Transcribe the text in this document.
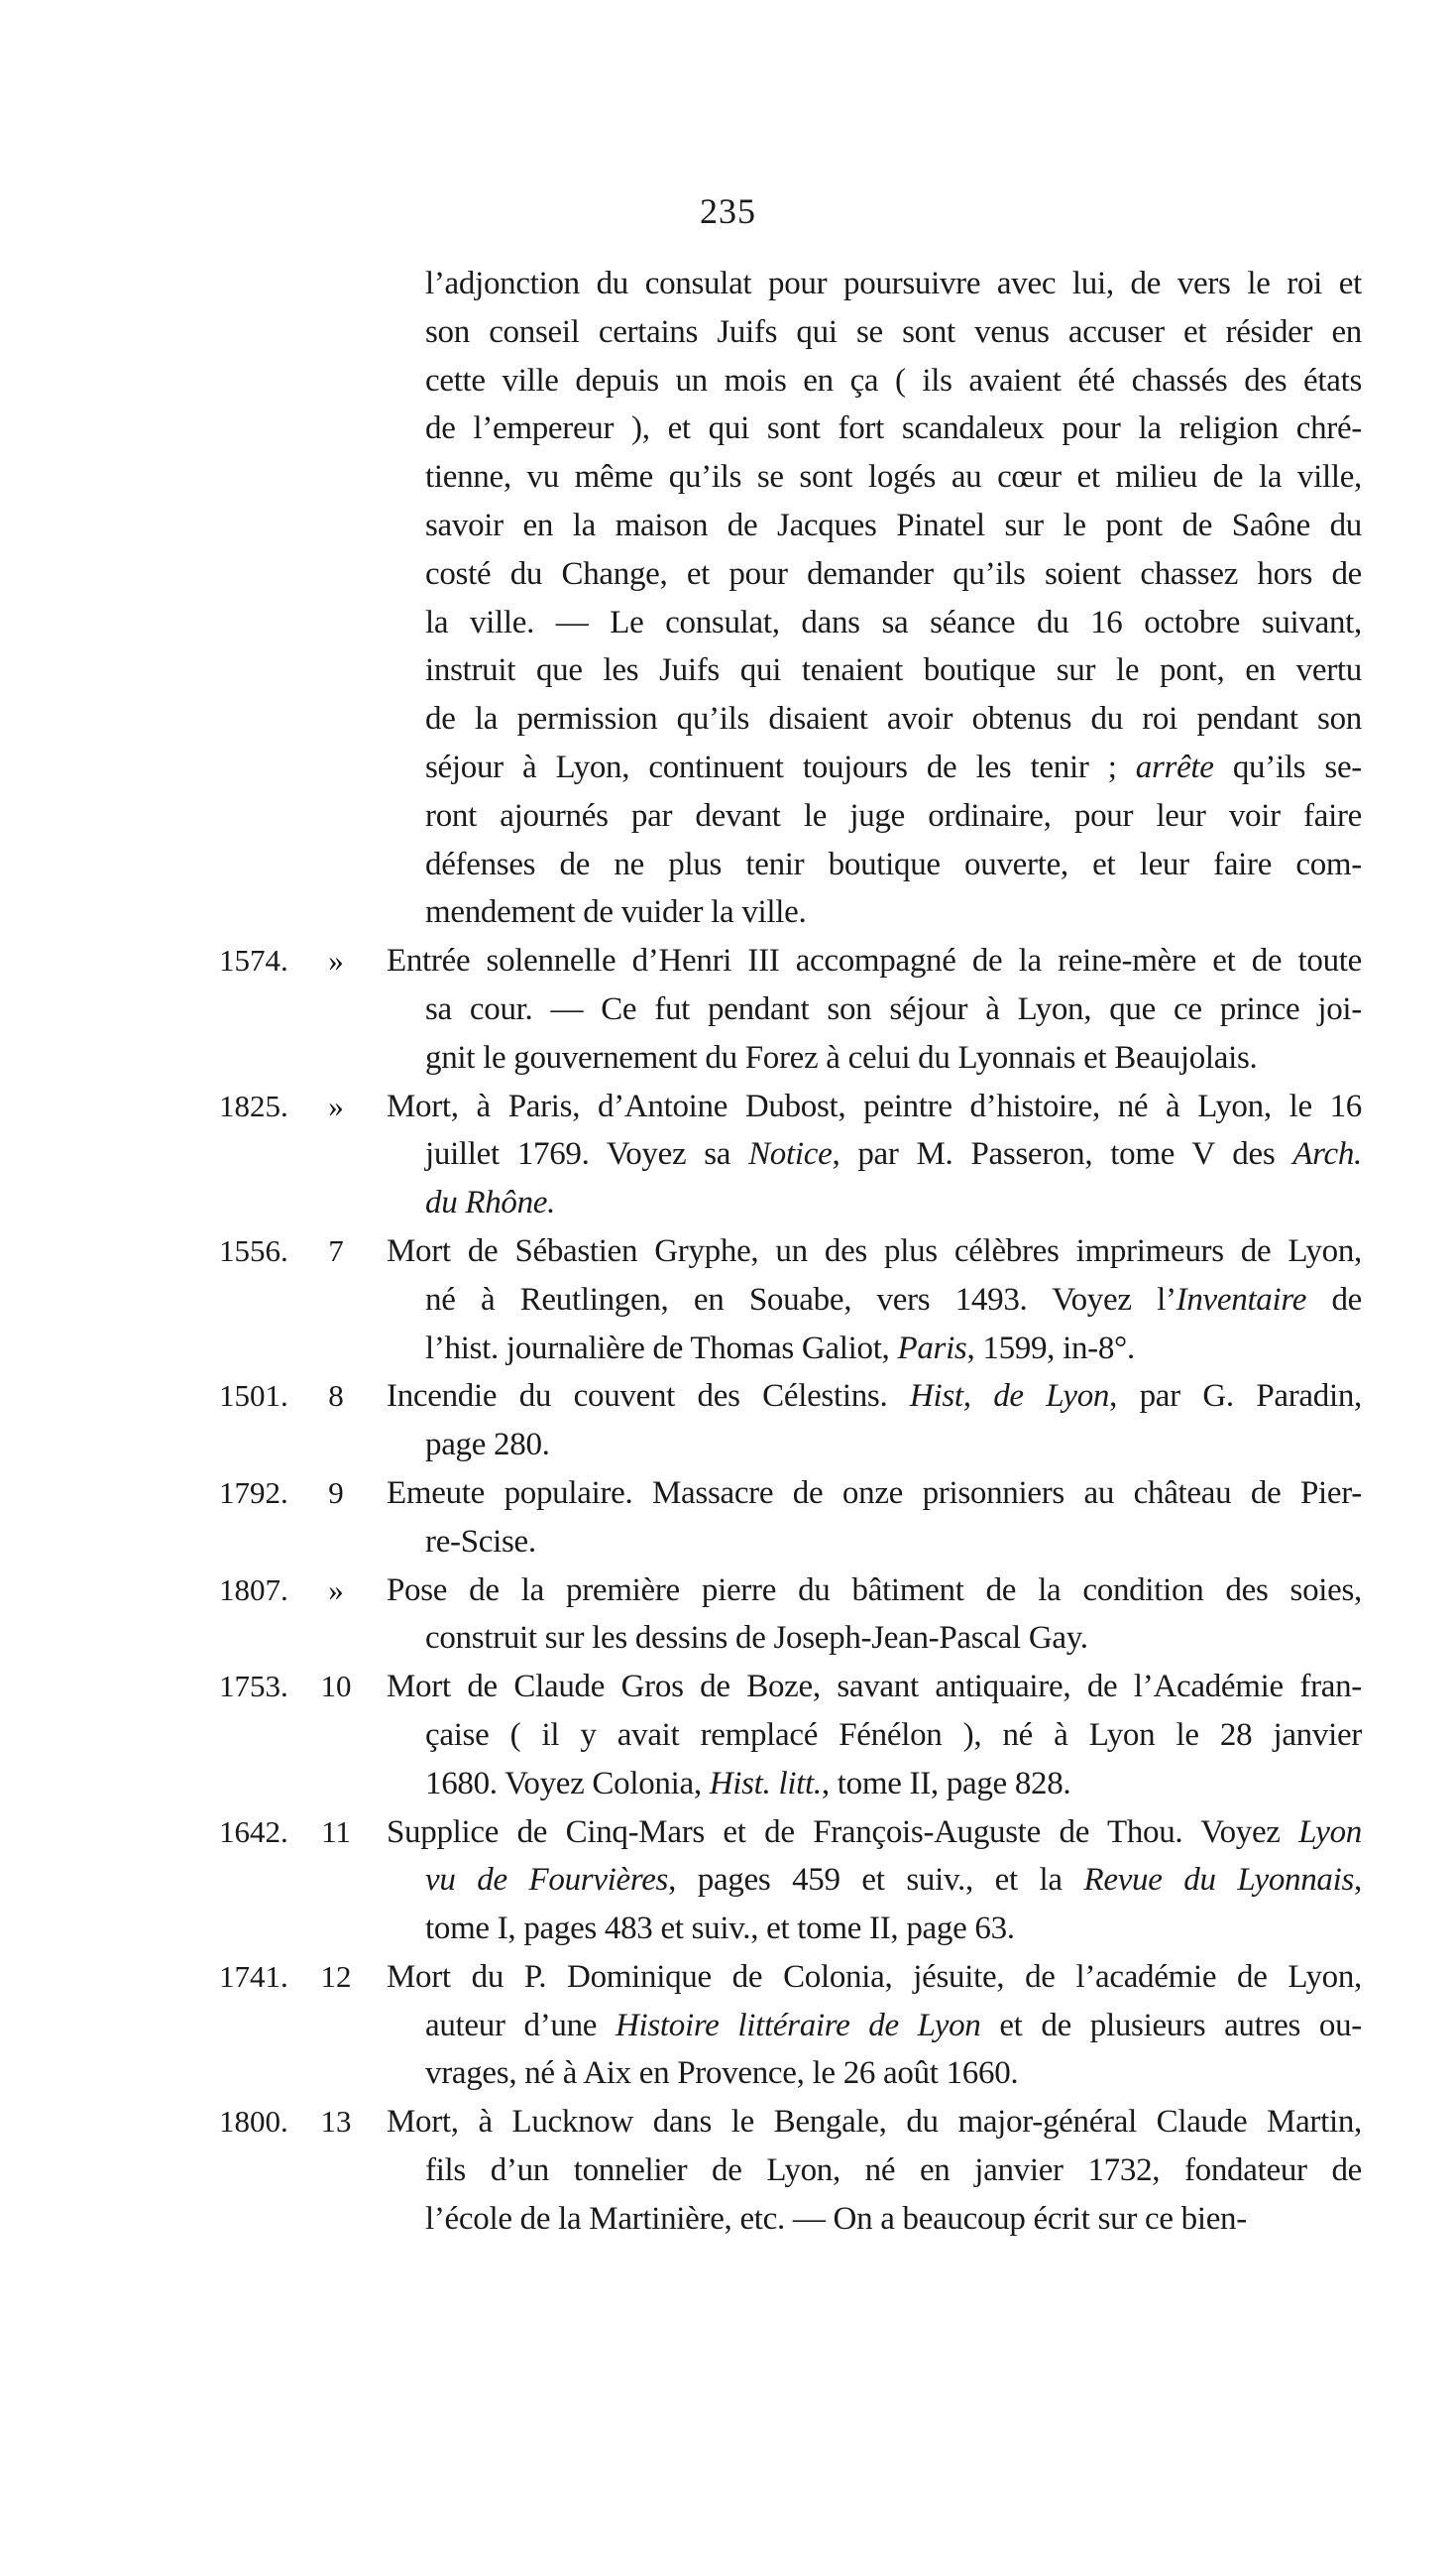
235
l’adjonction du consulat pour poursuivre avec lui, de vers le roi et
son conseil certains Juifs qui se sont venus accuser et résider en
cette ville depuis un mois en ça ( ils avaient été chassés des états
de l’empereur ), et qui sont fort scandaleux pour la religion chré-
tienne, vu même qu’ils se sont logés au cœur et milieu de la ville,
savoir en la maison de Jacques Pinatel sur le pont de Saône du
costé du Change, et pour demander qu’ils soient chassez hors de
la ville. — Le consulat, dans sa séance du 16 octobre suivant,
instruit que les Juifs qui tenaient boutique sur le pont, en vertu
de la permission qu’ils disaient avoir obtenus du roi pendant son
séjour à Lyon, continuent toujours de les tenir ; arrête qu’ils se-
ront ajournés par devant le juge ordinaire, pour leur voir faire
défenses de ne plus tenir boutique ouverte, et leur faire com-
mendement de vuider la ville.
1574.	»	Entrée solennelle d’Henri III accompagné de la reine-mère et de toute
sa cour. — Ce fut pendant son séjour à Lyon, que ce prince joi-
gnit le gouvernement du Forez à celui du Lyonnais et Beaujolais.
1825.	»	Mort, à Paris, d’Antoine Dubost, peintre d’histoire, né à Lyon, le 16
juillet 1769. Voyez sa Notice, par M. Passeron, tome V des Arch.
du Rhône.
1556.	7	Mort de Sébastien Gryphe, un des plus célèbres imprimeurs de Lyon,
né à Reutlingen, en Souabe, vers 1493. Voyez l’Inventaire de
l’hist. journalière de Thomas Galiot, Paris, 1599, in-8°.
1501.	8	Incendie du couvent des Célestins. Hist, de Lyon, par G. Paradin,
page 280.
1792.	9	Emeute populaire. Massacre de onze prisonniers au château de Pier-
re-Scise.
1807.	»	Pose de la première pierre du bâtiment de la condition des soies,
construit sur les dessins de Joseph-Jean-Pascal Gay.
1753. 10 Mort de Claude Gros de Boze, savant antiquaire, de l’Académie fran-
çaise ( il y avait remplacé Fénélon ), né à Lyon le 28 janvier
1680. Voyez Colonia, Hist. litt., tome II, page 828.
1642. 11 Supplice de Cinq-Mars et de François-Auguste de Thou. Voyez Lyon
vu de Fourvières, pages 459 et suiv., et la Revue du Lyonnais,
tome I, pages 483 et suiv., et tome II, page 63.
1741. 12 Mort du P. Dominique de Colonia, jésuite, de l’académie de Lyon,
auteur d’une Histoire littéraire de Lyon et de plusieurs autres ou-
vrages, né à Aix en Provence, le 26 août 1660.
1800. 13 Mort, à Lucknow dans le Bengale, du major-général Claude Martin,
fils d’un tonnelier de Lyon, né en janvier 1732, fondateur de
l’école de la Martinière, etc. — On a beaucoup écrit sur ce bien-
